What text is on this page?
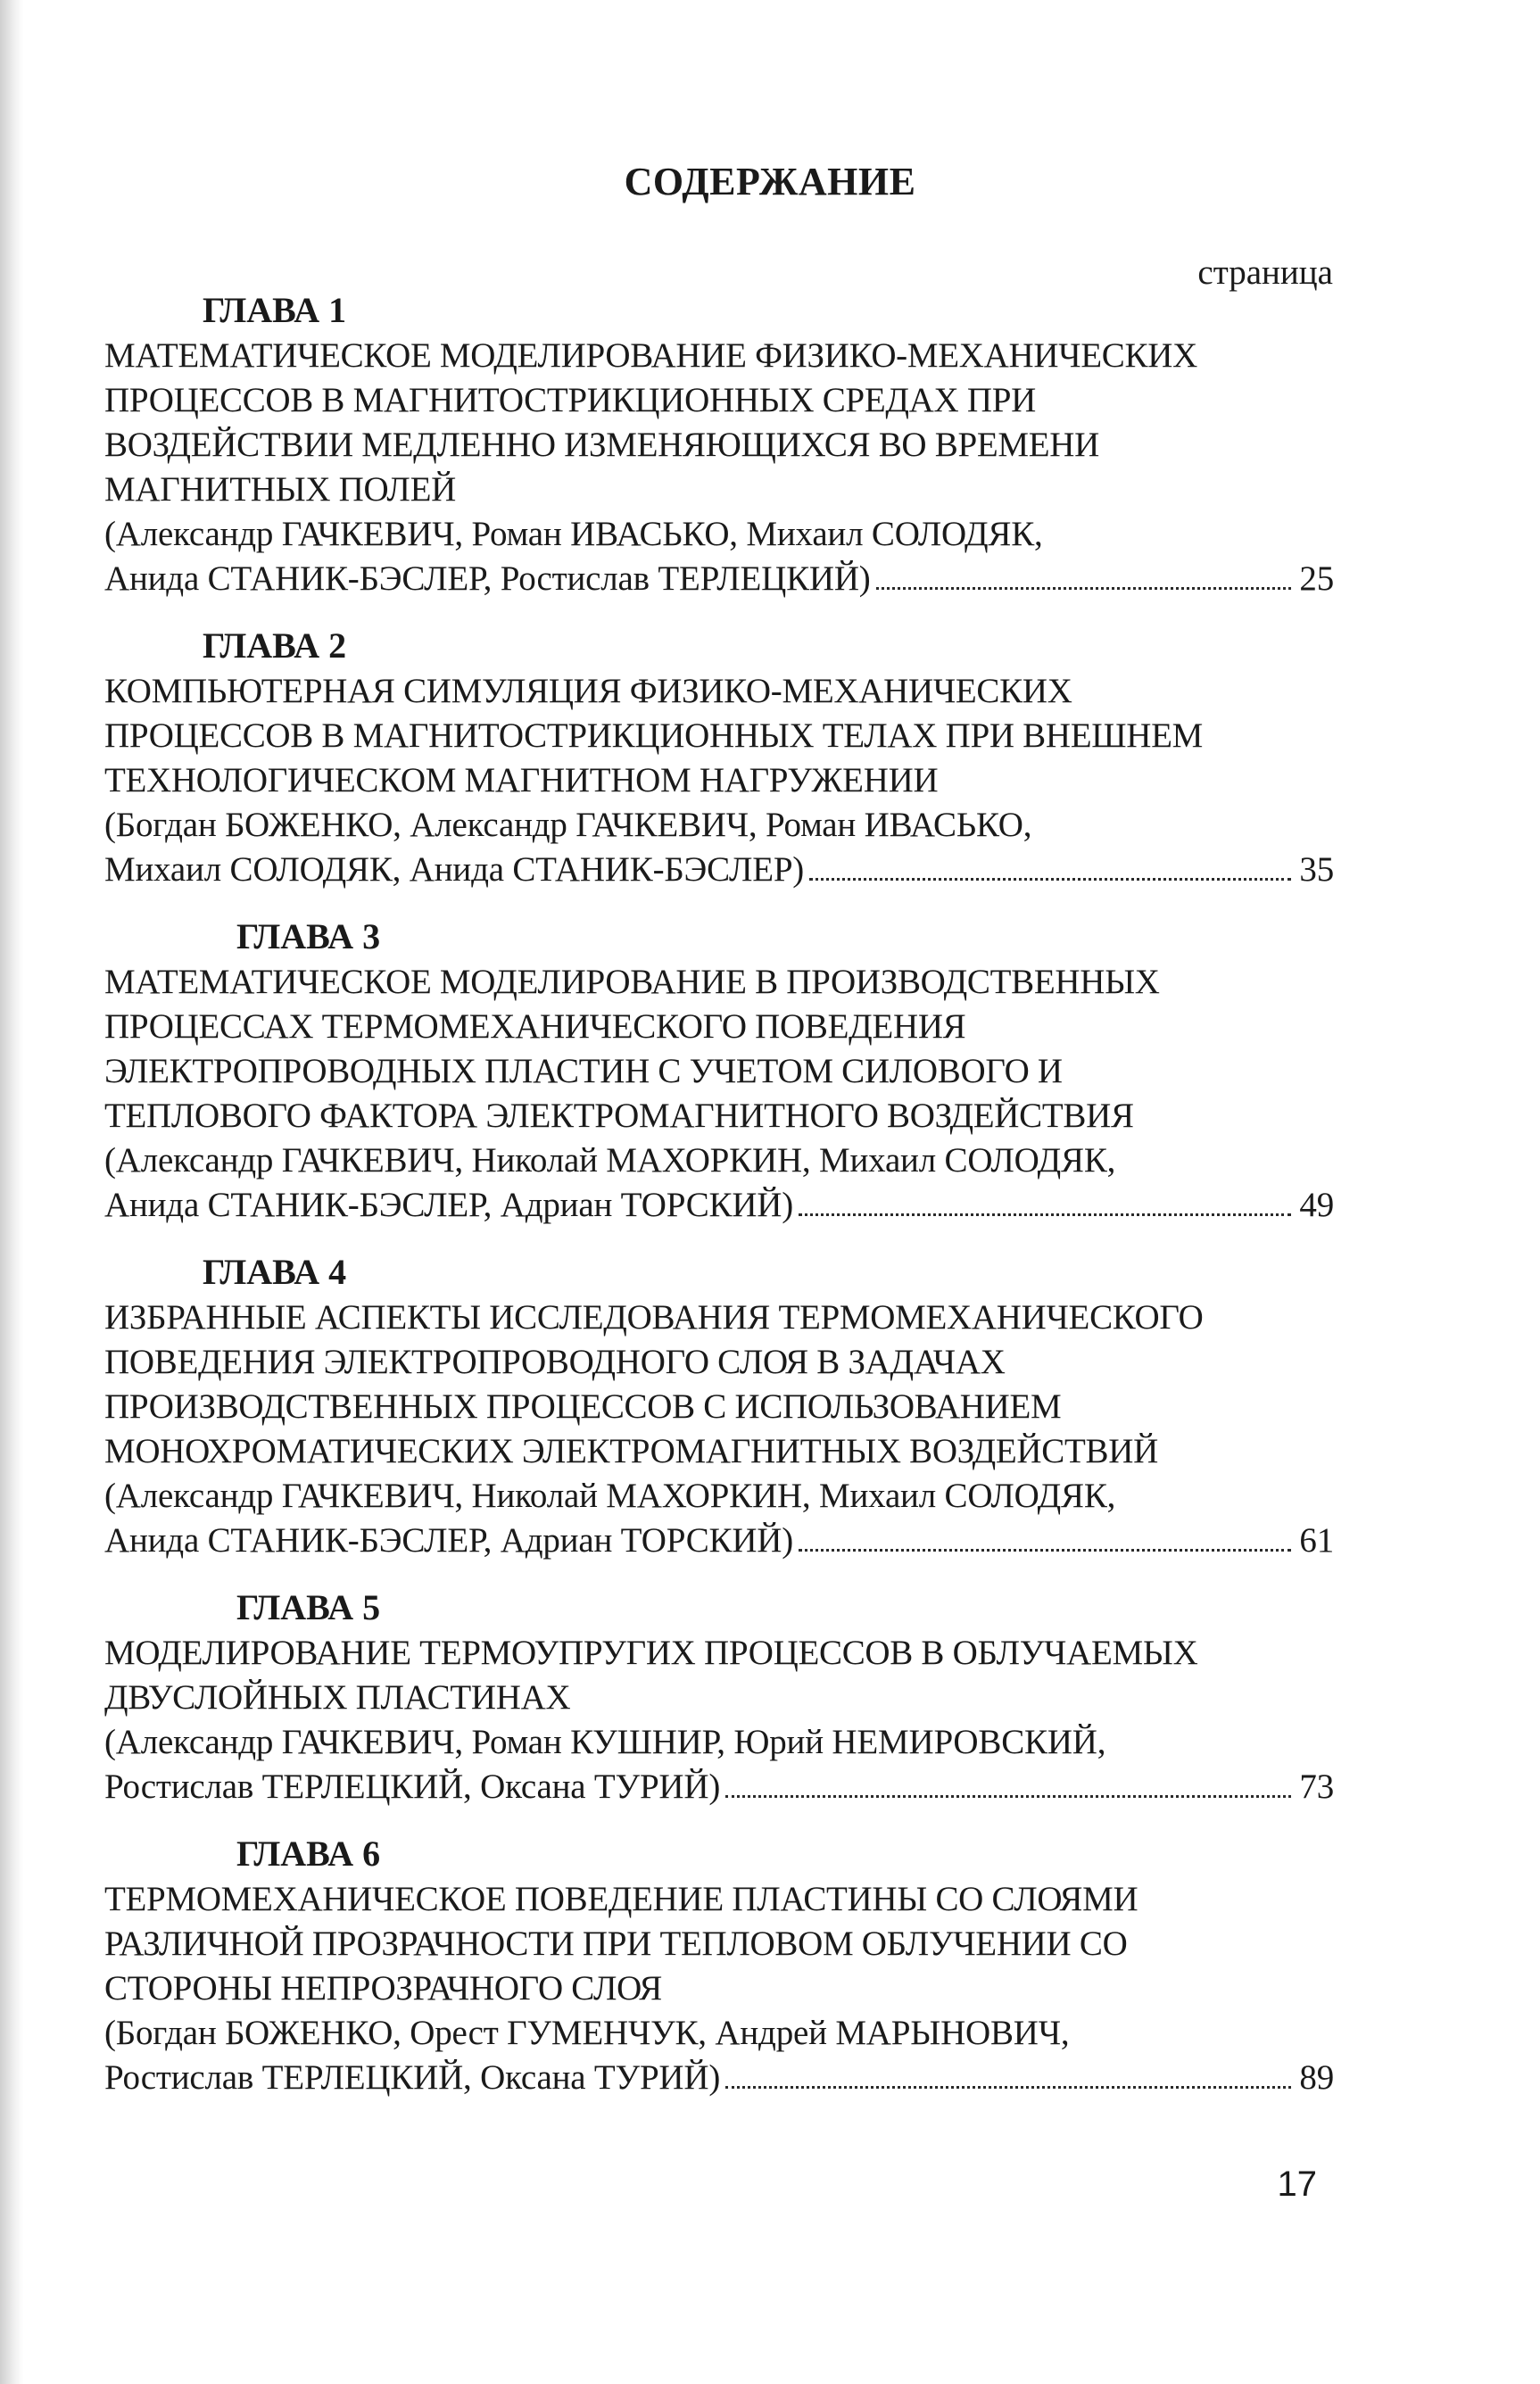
СОДЕРЖАНИЕ
страница
ГЛАВА 1
МАТЕМАТИЧЕСКОЕ МОДЕЛИРОВАНИЕ ФИЗИКО-МЕХАНИЧЕСКИХ
ПРОЦЕССОВ В МАГНИТОСТРИКЦИОННЫХ СРЕДАХ ПРИ
ВОЗДЕЙСТВИИ МЕДЛЕННО ИЗМЕНЯЮЩИХСЯ ВО ВРЕМЕНИ
МАГНИТНЫХ ПОЛЕЙ
(Александр ГАЧКЕВИЧ, Роман ИВАСЬКО, Михаил СОЛОДЯК,
Анида СТАНИК-БЭСЛЕР, Ростислав ТЕРЛЕЦКИЙ)	25
ГЛАВА 2
КОМПЬЮТЕРНАЯ СИМУЛЯЦИЯ ФИЗИКО-МЕХАНИЧЕСКИХ
ПРОЦЕССОВ В МАГНИТОСТРИКЦИОННЫХ ТЕЛАХ ПРИ ВНЕШНЕМ
ТЕХНОЛОГИЧЕСКОМ МАГНИТНОМ НАГРУЖЕНИИ
(Богдан БОЖЕНКО, Александр ГАЧКЕВИЧ, Роман ИВАСЬКО,
Михаил СОЛОДЯК, Анида СТАНИК-БЭСЛЕР)	35
ГЛАВА 3
МАТЕМАТИЧЕСКОЕ МОДЕЛИРОВАНИЕ В ПРОИЗВОДСТВЕННЫХ
ПРОЦЕССАХ ТЕРМОМЕХАНИЧЕСКОГО ПОВЕДЕНИЯ
ЭЛЕКТРОПРОВОДНЫХ ПЛАСТИН С УЧЕТОМ СИЛОВОГО И
ТЕПЛОВОГО ФАКТОРА ЭЛЕКТРОМАГНИТНОГО ВОЗДЕЙСТВИЯ
(Александр ГАЧКЕВИЧ, Николай МАХОРКИН, Михаил СОЛОДЯК,
Анида СТАНИК-БЭСЛЕР, Адриан ТОРСКИЙ)	49
ГЛАВА 4
ИЗБРАННЫЕ АСПЕКТЫ ИССЛЕДОВАНИЯ ТЕРМОМЕХАНИЧЕСКОГО
ПОВЕДЕНИЯ ЭЛЕКТРОПРОВОДНОГО СЛОЯ В ЗАДАЧАХ
ПРОИЗВОДСТВЕННЫХ ПРОЦЕССОВ С ИСПОЛЬЗОВАНИЕМ
МОНОХРОМАТИЧЕСКИХ ЭЛЕКТРОМАГНИТНЫХ ВОЗДЕЙСТВИЙ
(Александр ГАЧКЕВИЧ, Николай МАХОРКИН, Михаил СОЛОДЯК,
Анида СТАНИК-БЭСЛЕР, Адриан ТОРСКИЙ)	61
ГЛАВА 5
МОДЕЛИРОВАНИЕ ТЕРМОУПРУГИХ ПРОЦЕССОВ В ОБЛУЧАЕМЫХ
ДВУСЛОЙНЫХ ПЛАСТИНАХ
(Александр ГАЧКЕВИЧ, Роман КУШНИР, Юрий НЕМИРОВСКИЙ,
Ростислав ТЕРЛЕЦКИЙ, Оксана ТУРИЙ)	73
ГЛАВА 6
ТЕРМОМЕХАНИЧЕСКОЕ ПОВЕДЕНИЕ ПЛАСТИНЫ СО СЛОЯМИ
РАЗЛИЧНОЙ ПРОЗРАЧНОСТИ ПРИ ТЕПЛОВОМ ОБЛУЧЕНИИ СО
СТОРОНЫ НЕПРОЗРАЧНОГО СЛОЯ
(Богдан БОЖЕНКО, Орест ГУМЕНЧУК, Андрей МАРЫНОВИЧ,
Ростислав ТЕРЛЕЦКИЙ, Оксана ТУРИЙ)	89
17
